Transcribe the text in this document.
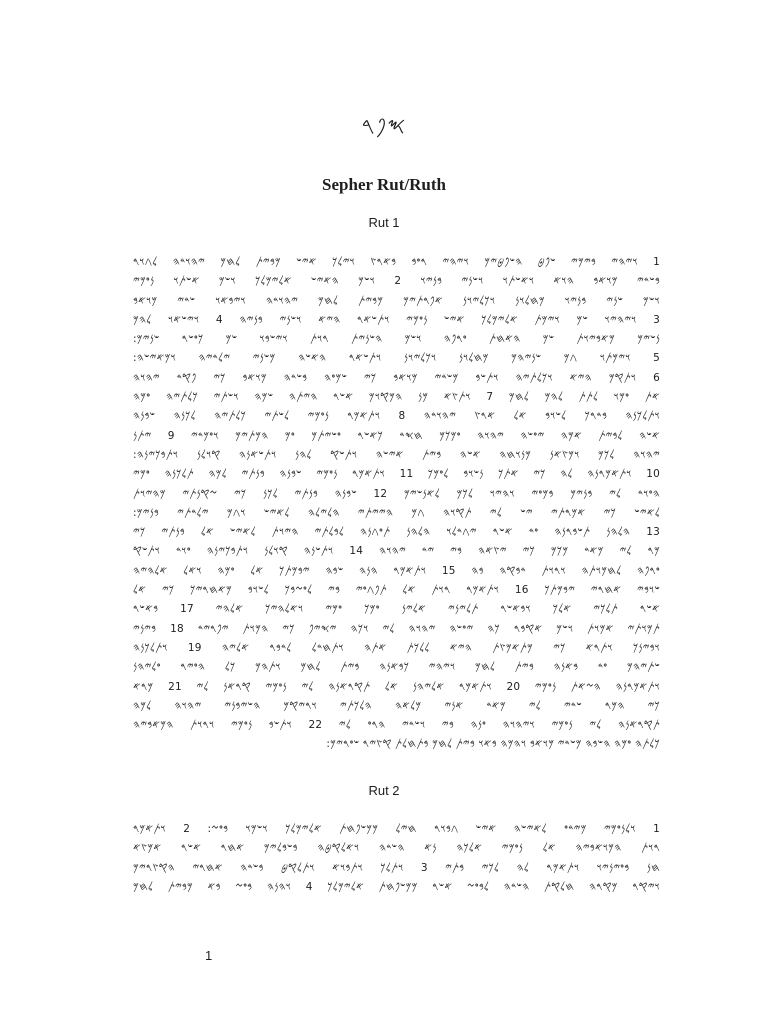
𐤎𐤐𐤓
Sepher Rut/Ruth
Rut 1
1 𐤅𐤉𐤄𐤉 𐤁𐤉𐤌𐤉 𐤔𐤐𐤈 𐤄𐤔𐤐𐤈𐤉𐤌 𐤅𐤉𐤄𐤉 𐤓𐤏𐤁 𐤁𐤀𐤓𐤑 𐤅𐤉𐤋𐤊 𐤀𐤉𐤔 𐤌𐤁𐤉𐤕 𐤋𐤇𐤌 𐤉𐤄𐤅𐤃𐤄 𐤋𐤂𐤅𐤓
𐤁𐤔𐤃𐤉 𐤌𐤅𐤀𐤁 𐤄𐤅𐤀 𐤅𐤀𐤔𐤕𐤅 𐤅𐤔𐤍𐤉 𐤁𐤍𐤉𐤅 2 𐤅𐤔𐤌 𐤄𐤀𐤉𐤔 𐤀𐤋𐤉𐤌𐤋𐤊 𐤅𐤔𐤌 𐤀𐤔𐤕𐤅 𐤍𐤏𐤌𐤉
𐤅𐤔𐤌 𐤔𐤍𐤉 𐤁𐤍𐤉𐤅 𐤌𐤇𐤋𐤅𐤍 𐤅𐤊𐤋𐤉𐤅𐤍 𐤀𐤐𐤓𐤕𐤉𐤌 𐤌𐤁𐤉𐤕 𐤋𐤇𐤌 𐤉𐤄𐤅𐤃𐤄 𐤅𐤉𐤁𐤀𐤅 𐤔𐤃𐤉 𐤌𐤅𐤀𐤁
3 𐤅𐤉𐤄𐤉𐤅 𐤔𐤌 𐤅𐤉𐤌𐤕 𐤀𐤋𐤉𐤌𐤋𐤊 𐤀𐤉𐤔 𐤍𐤏𐤌𐤉 𐤅𐤕𐤔𐤀𐤓 𐤄𐤉𐤀 𐤅𐤔𐤍𐤉 𐤁𐤍𐤉𐤄 4 𐤅𐤉𐤔𐤀𐤅 𐤋𐤄𐤌
𐤍𐤔𐤉𐤌 𐤌𐤀𐤁𐤉𐤅𐤕 𐤔𐤌 𐤄𐤀𐤇𐤕 𐤏𐤓𐤐𐤄 𐤅𐤔𐤌 𐤄𐤔𐤍𐤉𐤕 𐤓𐤅𐤕 𐤅𐤉𐤔𐤁𐤅 𐤔𐤌 𐤊𐤏𐤔𐤓 𐤔𐤍𐤉𐤌:
5 𐤅𐤉𐤌𐤕𐤅 𐤂𐤌 𐤔𐤍𐤉𐤄𐤌 𐤌𐤇𐤋𐤅𐤍 𐤅𐤊𐤋𐤉𐤅𐤍 𐤅𐤕𐤔𐤀𐤓 𐤄𐤀𐤔𐤄 𐤌𐤔𐤍𐤉 𐤉𐤋𐤃𐤉𐤄 𐤅𐤌𐤀𐤉𐤔𐤄:
6 𐤅𐤕𐤒𐤌 𐤄𐤉𐤀 𐤅𐤊𐤋𐤕𐤉𐤄 𐤅𐤕𐤔𐤁 𐤌𐤔𐤃𐤉 𐤌𐤅𐤀𐤁 𐤊𐤉 𐤔𐤌𐤏𐤄 𐤁𐤔𐤃𐤄 𐤌𐤅𐤀𐤁 𐤊𐤉 𐤐𐤒𐤃 𐤉𐤄𐤅𐤄
𐤀𐤕 𐤏𐤌𐤅 𐤋𐤕𐤕 𐤋𐤄𐤌 𐤋𐤇𐤌 7 𐤅𐤕𐤑𐤀 𐤌𐤍 𐤄𐤌𐤒𐤅𐤌 𐤀𐤔𐤓 𐤄𐤉𐤕𐤄 𐤔𐤌𐤄 𐤅𐤔𐤕𐤉 𐤊𐤋𐤕𐤉𐤄 𐤏𐤌𐤄
𐤅𐤕𐤋𐤊𐤍𐤄 𐤁𐤃𐤓𐤊 𐤋𐤔𐤅𐤁 𐤀𐤋 𐤀𐤓𐤑 𐤉𐤄𐤅𐤃𐤄 8 𐤅𐤕𐤀𐤌𐤓 𐤍𐤏𐤌𐤉 𐤋𐤔𐤕𐤉 𐤊𐤋𐤕𐤉𐤄 𐤋𐤊𐤍𐤄 𐤔𐤁𐤍𐤄
𐤀𐤔𐤄 𐤋𐤁𐤉𐤕 𐤀𐤌𐤄 𐤉𐤏𐤔𐤄 𐤉𐤄𐤅𐤄 𐤏𐤌𐤊𐤌 𐤇𐤎𐤃 𐤊𐤀𐤔𐤓 𐤏𐤔𐤉𐤕𐤌 𐤏𐤌 𐤄𐤌𐤕𐤉𐤌 𐤅𐤏𐤌𐤃𐤉 9 𐤉𐤕𐤍
𐤉𐤄𐤅𐤄 𐤋𐤊𐤌 𐤅𐤌𐤑𐤀𐤍 𐤌𐤍𐤅𐤇𐤄 𐤀𐤔𐤄 𐤁𐤉𐤕 𐤀𐤉𐤔𐤄 𐤅𐤕𐤔𐤒 𐤋𐤄𐤍 𐤅𐤕𐤔𐤀𐤍𐤄 𐤒𐤅𐤋𐤍 𐤅𐤕𐤁𐤊𐤉𐤍𐤄:
10 𐤅𐤕𐤀𐤌𐤓𐤍𐤄 𐤋𐤄 𐤊𐤉 𐤀𐤕𐤊 𐤍𐤔𐤅𐤁 𐤋𐤏𐤌𐤊 11 𐤅𐤕𐤀𐤌𐤓 𐤍𐤏𐤌𐤉 𐤔𐤁𐤍𐤄 𐤁𐤍𐤕𐤉 𐤋𐤌𐤄 𐤕𐤋𐤊𐤍𐤄 𐤏𐤌𐤉
𐤄𐤏𐤅𐤃 𐤋𐤉 𐤁𐤍𐤉𐤌 𐤁𐤌𐤏𐤉 𐤅𐤄𐤉𐤅 𐤋𐤊𐤌 𐤋𐤀𐤍𐤔𐤉𐤌 12 𐤔𐤁𐤍𐤄 𐤁𐤍𐤕𐤉 𐤋𐤊𐤍 𐤊𐤉 𐤆𐤒𐤍𐤕𐤉 𐤌𐤄𐤉𐤅𐤕
𐤋𐤀𐤉𐤔 𐤊𐤉 𐤀𐤌𐤓𐤕𐤉 𐤉𐤔 𐤋𐤉 𐤕𐤒𐤅𐤄 𐤂𐤌 𐤄𐤉𐤉𐤕𐤉 𐤄𐤋𐤉𐤋𐤄 𐤋𐤀𐤉𐤔 𐤅𐤂𐤌 𐤉𐤋𐤃𐤕𐤉 𐤁𐤍𐤉𐤌:
13 𐤄𐤋𐤄𐤍 𐤕𐤔𐤁𐤓𐤍𐤄 𐤏𐤃 𐤀𐤔𐤓 𐤉𐤂𐤃𐤋𐤅 𐤄𐤋𐤄𐤍 𐤕𐤏𐤂𐤍𐤄 𐤋𐤁𐤋𐤕𐤉 𐤄𐤉𐤅𐤕 𐤋𐤀𐤉𐤔 𐤀𐤋 𐤁𐤍𐤕𐤉 𐤊𐤉
𐤌𐤓 𐤋𐤉 𐤌𐤀𐤃 𐤌𐤊𐤌 𐤊𐤉 𐤉𐤑𐤀𐤄 𐤁𐤉 𐤉𐤃 𐤉𐤄𐤅𐤄 14 𐤅𐤕𐤔𐤍𐤄 𐤒𐤅𐤋𐤍 𐤅𐤕𐤁𐤊𐤉𐤍𐤄 𐤏𐤅𐤃 𐤅𐤕𐤔𐤒
𐤏𐤓𐤐𐤄 𐤋𐤇𐤌𐤅𐤕𐤄 𐤅𐤓𐤅𐤕 𐤃𐤁𐤒𐤄 𐤁𐤄 15 𐤅𐤕𐤀𐤌𐤓 𐤄𐤍𐤄 𐤔𐤁𐤄 𐤉𐤁𐤌𐤕𐤊 𐤀𐤋 𐤏𐤌𐤄 𐤅𐤀𐤋 𐤀𐤋𐤄𐤉𐤄
𐤔𐤅𐤁𐤉 𐤀𐤇𐤓𐤉 𐤉𐤁𐤌𐤕𐤊 16 𐤅𐤕𐤀𐤌𐤓 𐤓𐤅𐤕 𐤀𐤋 𐤕𐤐𐤂𐤏𐤉 𐤁𐤉 𐤋𐤏𐤆𐤁𐤊 𐤋𐤔𐤅𐤁 𐤌𐤀𐤇𐤓𐤉𐤊 𐤊𐤉 𐤀𐤋
𐤀𐤔𐤓 𐤕𐤋𐤊𐤉 𐤀𐤋𐤊 𐤅𐤁𐤀𐤔𐤓 𐤕𐤋𐤉𐤍𐤉 𐤀𐤋𐤉𐤍 𐤏𐤌𐤊 𐤏𐤌𐤉 𐤅𐤀𐤋𐤄𐤉𐤊 𐤀𐤋𐤄𐤉 17 𐤁𐤀𐤔𐤓
𐤕𐤌𐤅𐤕𐤉 𐤀𐤌𐤅𐤕 𐤅𐤔𐤌 𐤀𐤒𐤁𐤓 𐤊𐤄 𐤉𐤏𐤔𐤄 𐤉𐤄𐤅𐤄 𐤋𐤉 𐤅𐤊𐤄 𐤉𐤎𐤉𐤐 𐤊𐤉 𐤄𐤌𐤅𐤕 𐤉𐤐𐤓𐤉𐤃 18 𐤁𐤉𐤍𐤉
𐤅𐤁𐤉𐤍𐤊 𐤅𐤕𐤓𐤀 𐤊𐤉 𐤌𐤕𐤀𐤌𐤑𐤕 𐤄𐤉𐤀 𐤋𐤋𐤊𐤕 𐤀𐤕𐤄 𐤅𐤕𐤇𐤃𐤋 𐤋𐤃𐤁𐤓 𐤀𐤋𐤉𐤄 19 𐤅𐤕𐤋𐤊𐤍𐤄
𐤔𐤕𐤉𐤄𐤌 𐤏𐤃 𐤁𐤀𐤍𐤄 𐤁𐤉𐤕 𐤋𐤇𐤌 𐤅𐤉𐤄𐤉 𐤊𐤁𐤀𐤍𐤄 𐤁𐤉𐤕 𐤋𐤇𐤌 𐤅𐤕𐤄𐤌 𐤊𐤋 𐤄𐤏𐤉𐤓 𐤏𐤋𐤉𐤄𐤍
𐤅𐤕𐤀𐤌𐤓𐤍𐤄 𐤄𐤆𐤀𐤕 𐤍𐤏𐤌𐤉 20 𐤅𐤕𐤀𐤌𐤓 𐤀𐤋𐤉𐤄𐤍 𐤀𐤋 𐤕𐤒𐤓𐤀𐤍𐤄 𐤋𐤉 𐤍𐤏𐤌𐤉 𐤒𐤓𐤀𐤍 𐤋𐤉 21 𐤌𐤓𐤀
𐤊𐤉 𐤄𐤌𐤓 𐤔𐤃𐤉 𐤋𐤉 𐤌𐤀𐤃 𐤀𐤍𐤉 𐤌𐤋𐤀𐤄 𐤄𐤋𐤊𐤕𐤉 𐤅𐤓𐤉𐤒𐤌 𐤄𐤔𐤉𐤁𐤍𐤉 𐤉𐤄𐤅𐤄 𐤋𐤌𐤄
𐤕𐤒𐤓𐤀𐤍𐤄 𐤋𐤉 𐤍𐤏𐤌𐤉 𐤅𐤉𐤄𐤅𐤄 𐤏𐤍𐤄 𐤁𐤉 𐤅𐤔𐤃𐤉 𐤄𐤓𐤏 𐤋𐤉 22 𐤅𐤕𐤔𐤁 𐤍𐤏𐤌𐤉 𐤅𐤓𐤅𐤕 𐤄𐤌𐤀𐤁𐤉𐤄
𐤊𐤋𐤕𐤄 𐤏𐤌𐤄 𐤄𐤔𐤁𐤄 𐤌𐤔𐤃𐤉 𐤌𐤅𐤀𐤁 𐤅𐤄𐤌𐤄 𐤁𐤀𐤅 𐤁𐤉𐤕 𐤋𐤇𐤌 𐤁𐤕𐤇𐤋𐤕 𐤒𐤑𐤉𐤓 𐤔𐤏𐤓𐤉𐤌:
Rut 2
1 𐤅𐤋𐤍𐤏𐤌𐤉 𐤌𐤉𐤃𐤏 𐤋𐤀𐤉𐤔𐤄 𐤀𐤉𐤔 𐤂𐤁𐤅𐤓 𐤇𐤉𐤋 𐤌𐤌𐤔𐤐𐤇𐤕 𐤀𐤋𐤉𐤌𐤋𐤊 𐤅𐤔𐤌𐤅 𐤁𐤏𐤆: 2 𐤅𐤕𐤀𐤌𐤓
𐤓𐤅𐤕 𐤄𐤌𐤅𐤀𐤁𐤉𐤄 𐤀𐤋 𐤍𐤏𐤌𐤉 𐤀𐤋𐤊𐤄 𐤍𐤀 𐤄𐤔𐤃𐤄 𐤅𐤀𐤋𐤒𐤈𐤄 𐤁𐤔𐤁𐤋𐤉𐤌 𐤀𐤇𐤓 𐤀𐤔𐤓 𐤀𐤌𐤑𐤀
𐤇𐤍 𐤁𐤏𐤉𐤍𐤉𐤅 𐤅𐤕𐤀𐤌𐤓 𐤋𐤄 𐤋𐤊𐤉 𐤁𐤕𐤉 3 𐤅𐤕𐤋𐤊 𐤅𐤕𐤁𐤅𐤀 𐤅𐤕𐤋𐤒𐤈 𐤁𐤔𐤃𐤄 𐤀𐤇𐤓𐤉 𐤄𐤒𐤑𐤓𐤉𐤌
𐤅𐤉𐤒𐤓 𐤌𐤒𐤓𐤄 𐤇𐤋𐤒𐤕 𐤄𐤔𐤃𐤄 𐤋𐤁𐤏𐤆 𐤀𐤔𐤓 𐤌𐤌𐤔𐤐𐤇𐤕 𐤀𐤋𐤉𐤌𐤋𐤊 4 𐤅𐤄𐤍𐤄 𐤁𐤏𐤆 𐤁𐤀 𐤌𐤁𐤉𐤕 𐤋𐤇𐤌
1
